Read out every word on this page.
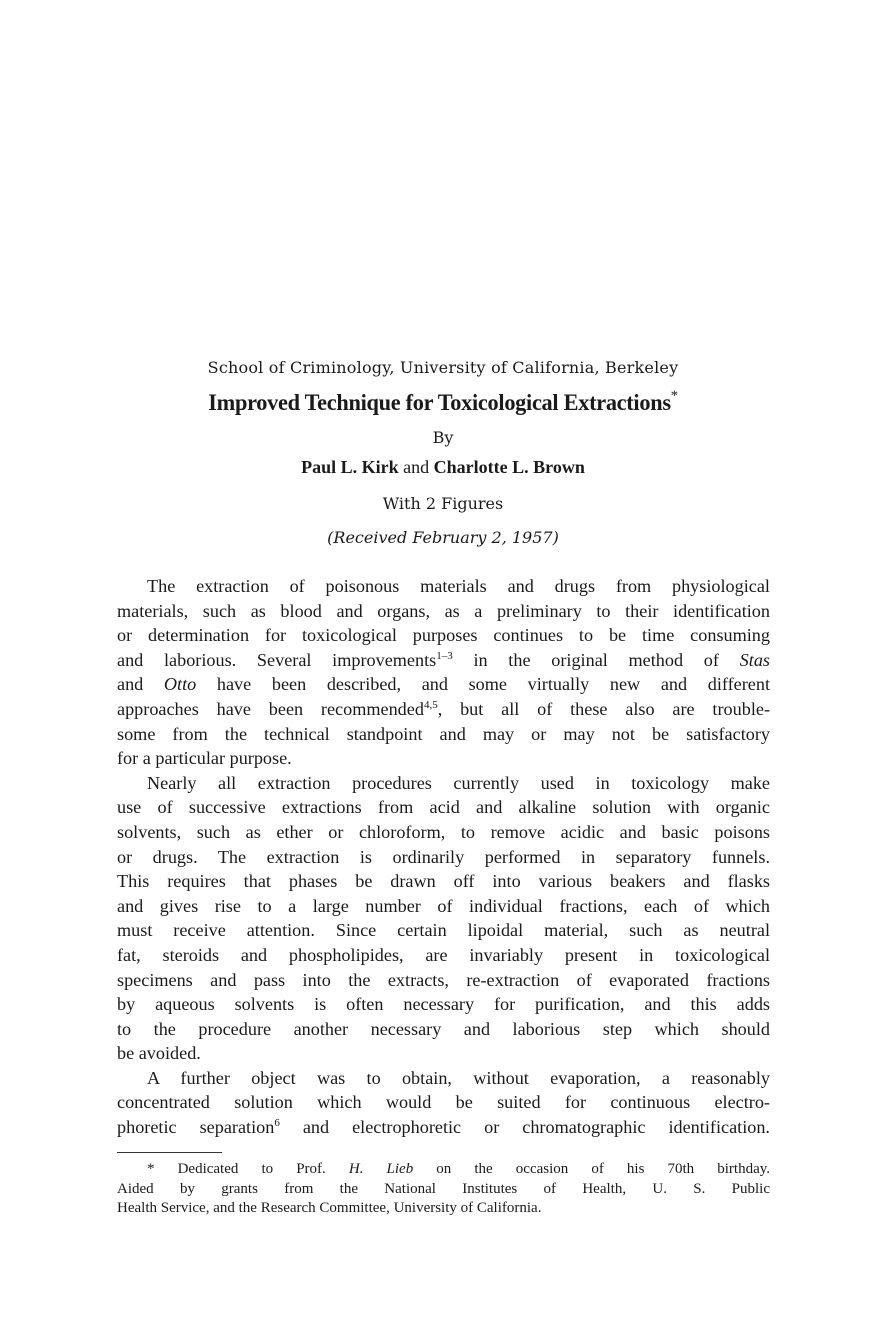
School of Criminology, University of California, Berkeley
Improved Technique for Toxicological Extractions*
By
Paul L. Kirk and Charlotte L. Brown
With 2 Figures
(Received February 2, 1957)
The extraction of poisonous materials and drugs from physiological
materials, such as blood and organs, as a preliminary to their identification
or determination for toxicological purposes continues to be time consuming
and laborious. Several improvements$^{1-3}$ in the original method of Stas
and Otto have been described, and some virtually new and different
approaches have been recommended$^{4,5}$, but all of these also are trouble-
some from the technical standpoint and may or may not be satisfactory
for a particular purpose.
Nearly all extraction procedures currently used in toxicology make
use of successive extractions from acid and alkaline solution with organic
solvents, such as ether or chloroform, to remove acidic and basic poisons
or drugs. The extraction is ordinarily performed in separatory funnels.
This requires that phases be drawn off into various beakers and flasks
and gives rise to a large number of individual fractions, each of which
must receive attention. Since certain lipoidal material, such as neutral
fat, steroids and phospholipides, are invariably present in toxicological
specimens and pass into the extracts, re-extraction of evaporated fractions
by aqueous solvents is often necessary for purification, and this adds
to the procedure another necessary and laborious step which should
be avoided.
A further object was to obtain, without evaporation, a reasonably
concentrated solution which would be suited for continuous electro-
phoretic separation$^6$ and electrophoretic or chromatographic identification.
* Dedicated to Prof. H. Lieb on the occasion of his 70th birthday.
Aided by grants from the National Institutes of Health, U. S. Public
Health Service, and the Research Committee, University of California.
